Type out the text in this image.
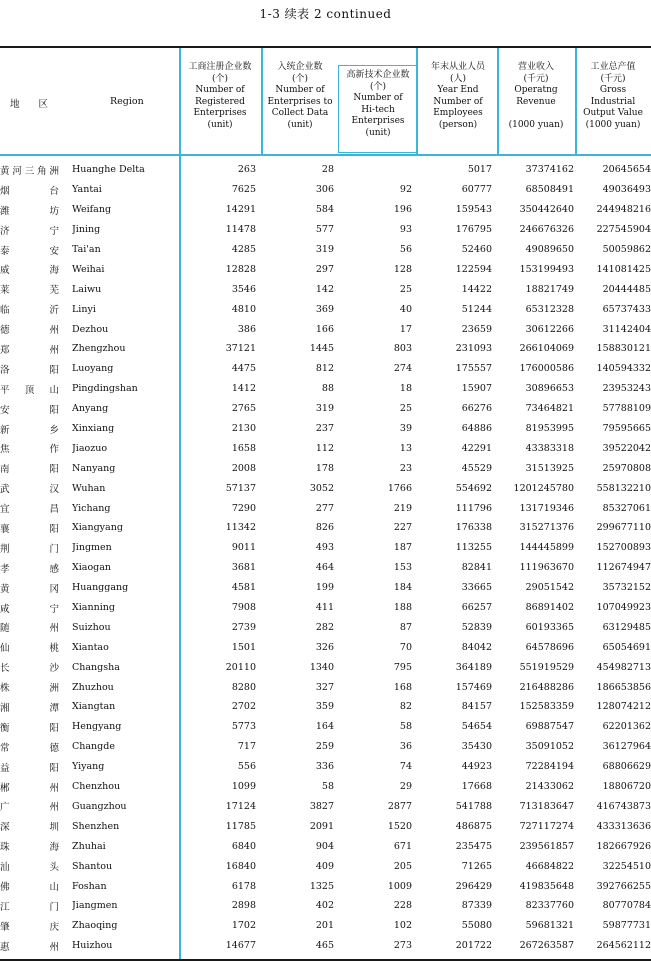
1-3 续表 2 continued
地 区	Region
工商注册企业数
(个)
Number of
Registered
Enterprises
(unit)
入统企业数
(个)
Number of
Enterprises to
Collect Data
(unit)
高新技术企业数
(个)
Number of
Hi-tech
Enterprises
(unit)
年末从业人员
(人)
Year End
Number of
Employees
(person)
营业收入
(千元)
Operatng
Revenue
(1000 yuan)
工业总产值
(千元)
Gross
Industrial
Output Value
(1000 yuan)
黄河三角洲	Huanghe Delta	263	28		5017	37374162	20645654
烟台	Yantai	7625	306	92	60777	68508491	49036493
潍坊	Weifang	14291	584	196	159543	350442640	244948216
济宁	Jining	11478	577	93	176795	246676326	227545904
泰安	Tai'an	4285	319	56	52460	49089650	50059862
威海	Weihai	12828	297	128	122594	153199493	141081425
莱芜	Laiwu	3546	142	25	14422	18821749	20444485
临沂	Linyi	4810	369	40	51244	65312328	65737433
德州	Dezhou	386	166	17	23659	30612266	31142404
郑州	Zhengzhou	37121	1445	803	231093	266104069	158830121
洛阳	Luoyang	4475	812	274	175557	176000586	140594332
平顶山	Pingdingshan	1412	88	18	15907	30896653	23953243
安阳	Anyang	2765	319	25	66276	73464821	57788109
新乡	Xinxiang	2130	237	39	64886	81953995	79595665
焦作	Jiaozuo	1658	112	13	42291	43383318	39522042
南阳	Nanyang	2008	178	23	45529	31513925	25970808
武汉	Wuhan	57137	3052	1766	554692	1201245780	558132210
宜昌	Yichang	7290	277	219	111796	131719346	85327061
襄阳	Xiangyang	11342	826	227	176338	315271376	299677110
荆门	Jingmen	9011	493	187	113255	144445899	152700893
孝感	Xiaogan	3681	464	153	82841	111963670	112674947
黄冈	Huanggang	4581	199	184	33665	29051542	35732152
咸宁	Xianning	7908	411	188	66257	86891402	107049923
随州	Suizhou	2739	282	87	52839	60193365	63129485
仙桃	Xiantao	1501	326	70	84042	64578696	65054691
长沙	Changsha	20110	1340	795	364189	551919529	454982713
株洲	Zhuzhou	8280	327	168	157469	216488286	186653856
湘潭	Xiangtan	2702	359	82	84157	152583359	128074212
衡阳	Hengyang	5773	164	58	54654	69887547	62201362
常德	Changde	717	259	36	35430	35091052	36127964
益阳	Yiyang	556	336	74	44923	72284194	68806629
郴州	Chenzhou	1099	58	29	17668	21433062	18806720
广州	Guangzhou	17124	3827	2877	541788	713183647	416743873
深圳	Shenzhen	11785	2091	1520	486875	727117274	433313636
珠海	Zhuhai	6840	904	671	235475	239561857	182667926
汕头	Shantou	16840	409	205	71265	46684822	32254510
佛山	Foshan	6178	1325	1009	296429	419835648	392766255
江门	Jiangmen	2898	402	228	87339	82337760	80770784
肇庆	Zhaoqing	1702	201	102	55080	59681321	59877731
惠州	Huizhou	14677	465	273	201722	267263587	264562112
